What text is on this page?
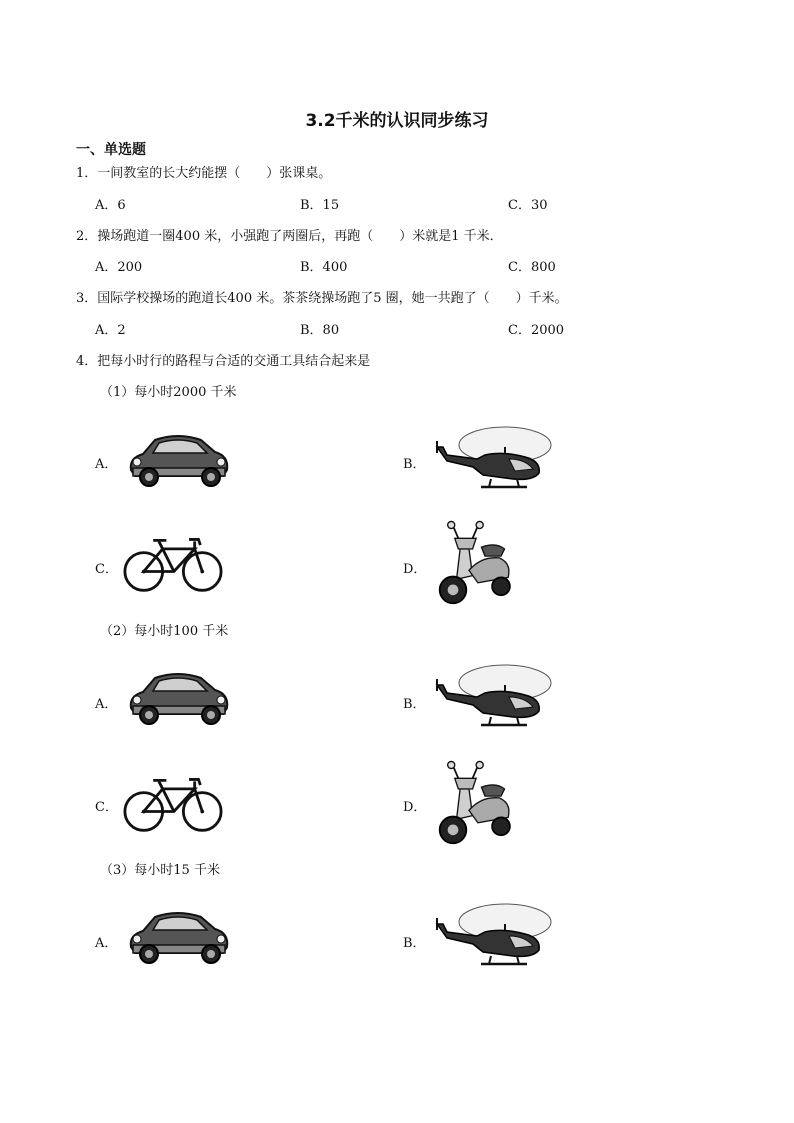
3.2千米的认识同步练习
一、单选题
1．一间教室的长大约能摆（　　）张课桌。
A．6	B．15	C．30
2．操场跑道一圈400 米，小强跑了两圈后，再跑（　　）米就是1 千米．
A．200	B．400	C．800
3．国际学校操场的跑道长400 米。茶茶绕操场跑了5 圈，她一共跑了（　　）千米。
A．2	B．80	C．2000
4．把每小时行的路程与合适的交通工具结合起来是
（1）每小时2000 千米
A．	B．
C．	D．
（2）每小时100 千米
A．	B．
C．	D．
（3）每小时15 千米
A．	B．
